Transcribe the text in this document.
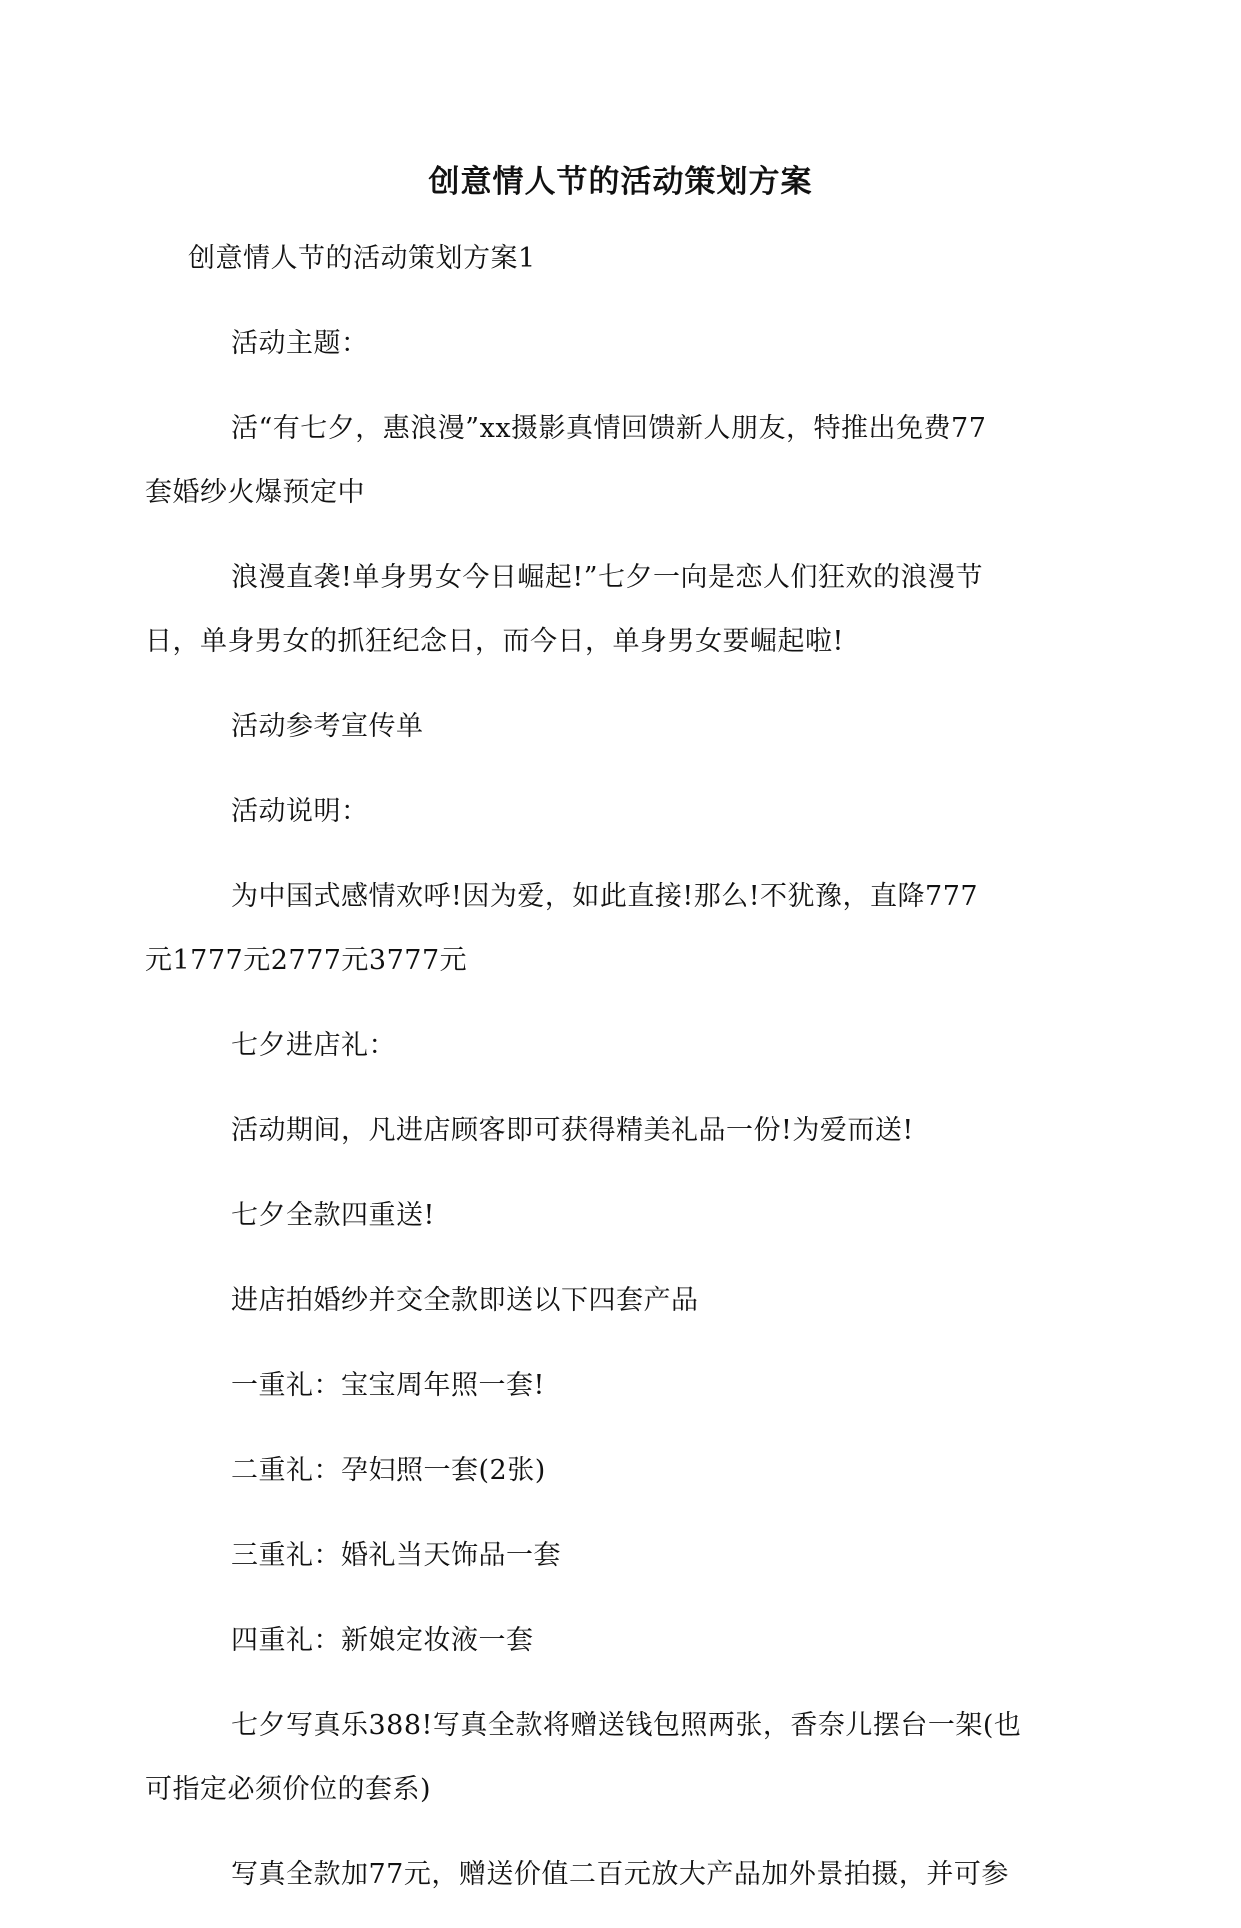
创意情人节的活动策划方案

创意情人节的活动策划方案1

活动主题：

活“有七夕，惠浪漫”xx摄影真情回馈新人朋友，特推出免费77
套婚纱火爆预定中

浪漫直袭!单身男女今日崛起!”七夕一向是恋人们狂欢的浪漫节
日，单身男女的抓狂纪念日，而今日，单身男女要崛起啦!

活动参考宣传单

活动说明：

为中国式感情欢呼!因为爱，如此直接!那么!不犹豫，直降777
元1777元2777元3777元

七夕进店礼：

活动期间，凡进店顾客即可获得精美礼品一份!为爱而送!

七夕全款四重送!

进店拍婚纱并交全款即送以下四套产品

一重礼：宝宝周年照一套!

二重礼：孕妇照一套(2张)

三重礼：婚礼当天饰品一套

四重礼：新娘定妆液一套

七夕写真乐388!写真全款将赠送钱包照两张，香奈儿摆台一架(也
可指定必须价位的套系)

写真全款加77元，赠送价值二百元放大产品加外景拍摄，并可参
